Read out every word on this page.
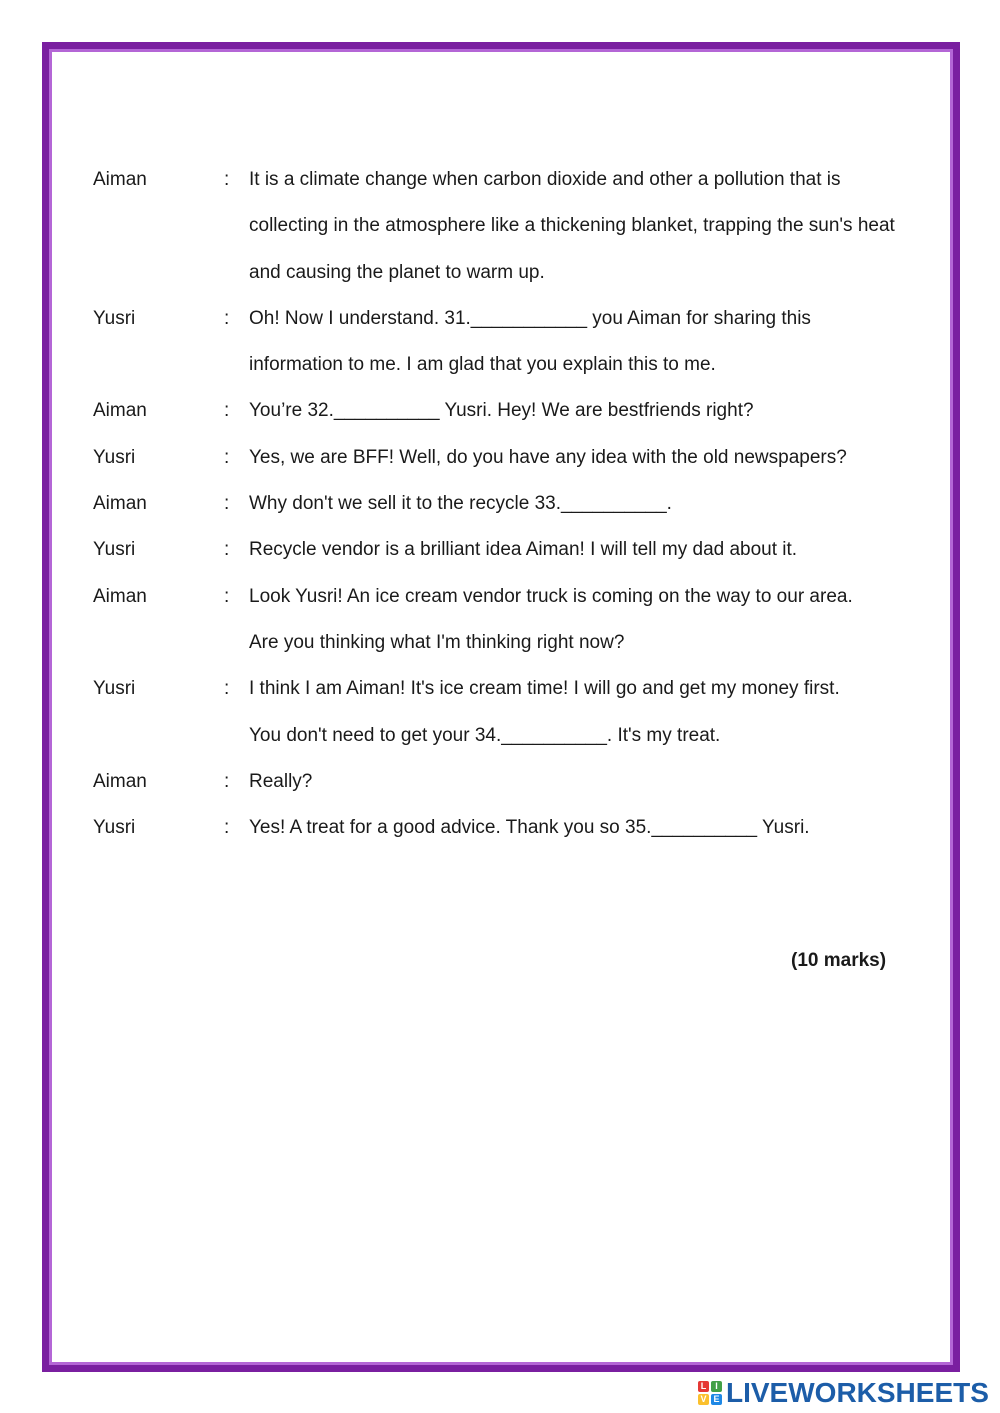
Aiman	:	It is a climate change when carbon dioxide and other a pollution that is
collecting in the atmosphere like a thickening blanket, trapping the sun's heat
and causing the planet to warm up.
Yusri	:	Oh! Now I understand. 31.___________ you Aiman for sharing this
information to me. I am glad that you explain this to me.
Aiman	:	You’re 32.__________ Yusri. Hey! We are bestfriends right?
Yusri	:	Yes, we are BFF! Well, do you have any idea with the old newspapers?
Aiman	:	Why don't we sell it to the recycle 33.__________.
Yusri	:	Recycle vendor is a brilliant idea Aiman! I will tell my dad about it.
Aiman	:	Look Yusri! An ice cream vendor truck is coming on the way to our area.
Are you thinking what I'm thinking right now?
Yusri	:	I think I am Aiman! It's ice cream time! I will go and get my money first.
You don't need to get your 34.__________. It's my treat.
Aiman	:	Really?
Yusri	:	Yes! A treat for a good advice. Thank you so 35.__________ Yusri.
(10 marks)
L I
V E LIVEWORKSHEETS
